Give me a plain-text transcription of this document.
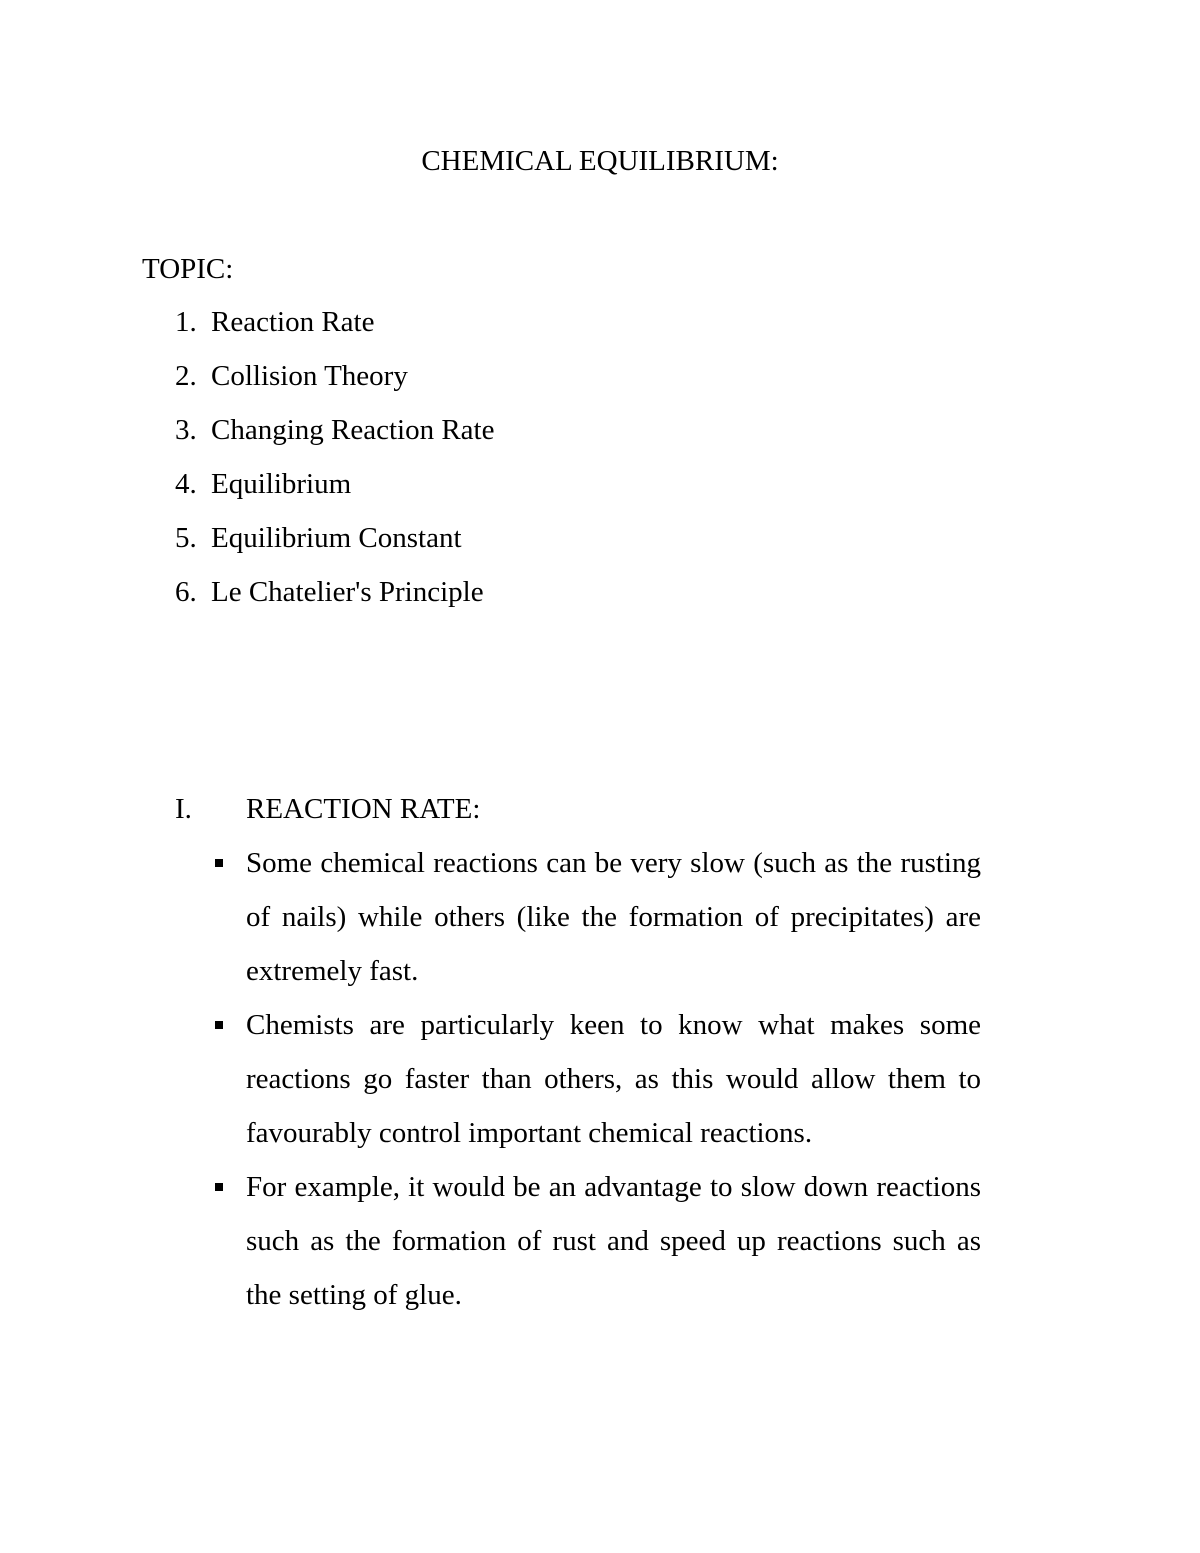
CHEMICAL EQUILIBRIUM:
TOPIC:
1. Reaction Rate
2. Collision Theory
3. Changing Reaction Rate
4. Equilibrium
5. Equilibrium Constant
6. Le Chatelier's Principle
I. REACTION RATE:
Some chemical reactions can be very slow (such as the rusting of nails) while others (like the formation of precipitates) are extremely fast.
Chemists are particularly keen to know what makes some reactions go faster than others, as this would allow them to favourably control important chemical reactions.
For example, it would be an advantage to slow down reactions such as the formation of rust and speed up reactions such as the setting of glue.
